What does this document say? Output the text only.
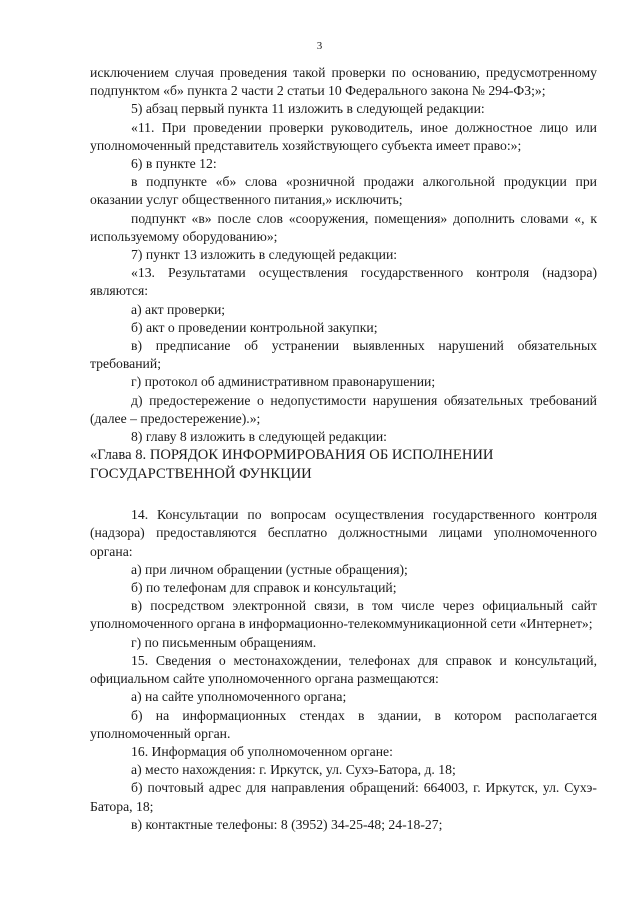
3

исключением случая проведения такой проверки по основанию, предусмотренному подпунктом «б» пункта 2 части 2 статьи 10 Федерального закона № 294-ФЗ;»;

5) абзац первый пункта 11 изложить в следующей редакции:

«11. При проведении проверки руководитель, иное должностное лицо или уполномоченный представитель хозяйствующего субъекта имеет право:»;

6) в пункте 12:

в подпункте «б» слова «розничной продажи алкогольной продукции при оказании услуг общественного питания,» исключить;

подпункт «в» после слов «сооружения, помещения» дополнить словами «, к используемому оборудованию»;

7) пункт 13 изложить в следующей редакции:

«13. Результатами осуществления государственного контроля (надзора) являются:

а) акт проверки;

б) акт о проведении контрольной закупки;

в) предписание об устранении выявленных нарушений обязательных требований;

г) протокол об административном правонарушении;

д) предостережение о недопустимости нарушения обязательных требований (далее – предостережение).»;

8) главу 8 изложить в следующей редакции:

«Глава 8. ПОРЯДОК ИНФОРМИРОВАНИЯ ОБ ИСПОЛНЕНИИ

ГОСУДАРСТВЕННОЙ ФУНКЦИИ

14. Консультации по вопросам осуществления государственного контроля (надзора) предоставляются бесплатно должностными лицами уполномоченного органа:

а) при личном обращении (устные обращения);

б) по телефонам для справок и консультаций;

в) посредством электронной связи, в том числе через официальный сайт уполномоченного органа в информационно-телекоммуникационной сети «Интернет»;

г) по письменным обращениям.

15. Сведения о местонахождении, телефонах для справок и консультаций, официальном сайте уполномоченного органа размещаются:

а) на сайте уполномоченного органа;

б) на информационных стендах в здании, в котором располагается уполномоченный орган.

16. Информация об уполномоченном органе:

а) место нахождения: г. Иркутск, ул. Сухэ-Батора, д. 18;

б) почтовый адрес для направления обращений: 664003, г. Иркутск, ул. Сухэ-Батора, 18;

в) контактные телефоны: 8 (3952) 34-25-48; 24-18-27;
